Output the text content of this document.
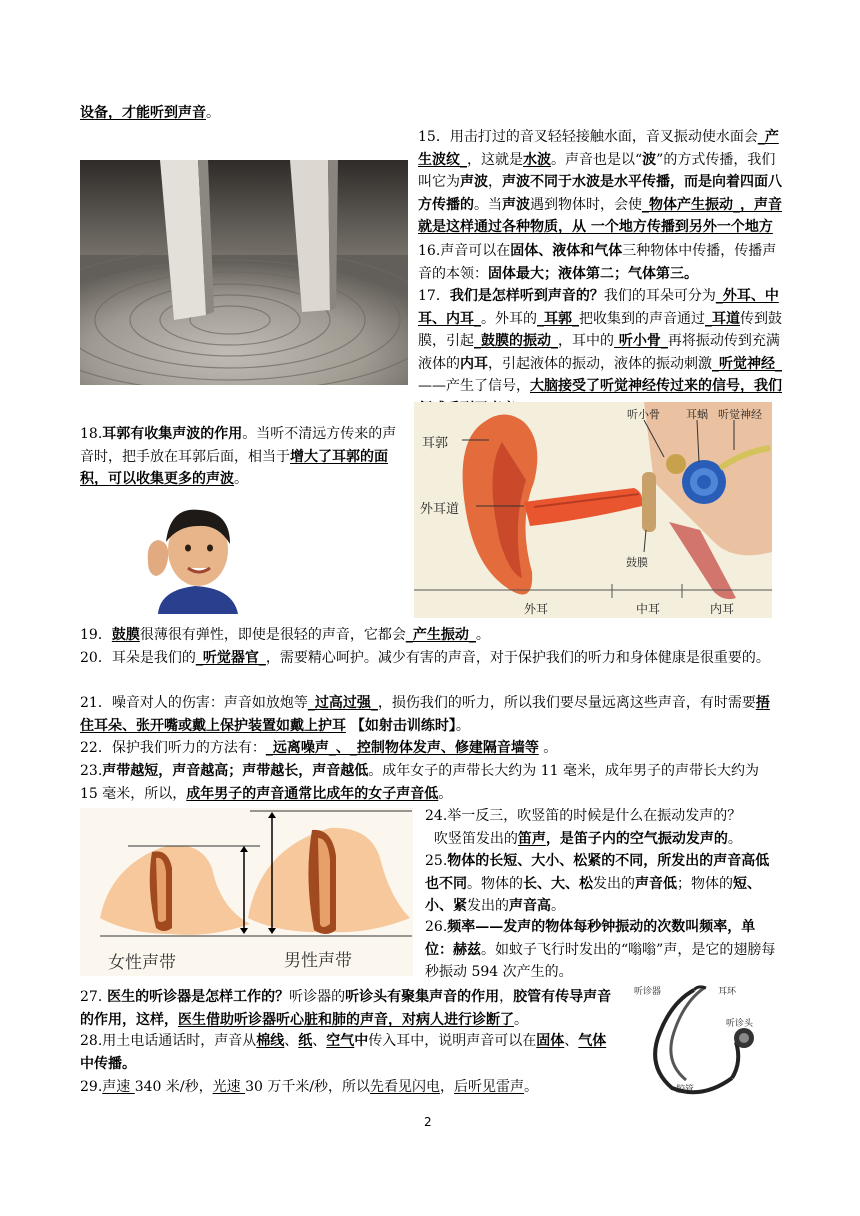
设备，才能听到声音。

15．用击打过的音叉轻轻接触水面，音叉振动使水面会_产生波纹_，这就是水波。声音也是以“波”的方式传播，我们叫它为声波，声波不同于水波是水平传播，而是向着四面八方传播的。当声波遇到物体时，会使_物体产生振动_，声音就是这样通过各种物质，从 一个地方传播到另外一个地方

16.声音可以在固体、液体和气体三种物体中传播，传播声音的本领：固体最大；液体第二；气体第三。

17．我们是怎样听到声音的？我们的耳朵可分为_外耳、中耳、内耳_。外耳的_耳郭_把收集到的声音通过_耳道传到鼓膜，引起_鼓膜的振动_，耳中的 听小骨_再将振动传到充满液体的内耳，引起液体的振动，液体的振动刺激_听觉神经_——产生了信号，大脑接受了听觉神经传过来的信号，我们

18.耳郭有收集声波的作用。当听不清远方传来的声音时，把手放在耳郭后面，相当于增大了耳郭的面积，可以收集更多的声波。

耳郭
外耳道
听小骨 耳蜗 听觉神经
鼓膜
外耳	中耳	内耳

19．鼓膜很薄很有弹性，即使是很轻的声音，它都会_产生振动_。

20．耳朵是我们的_听觉器官_，需要精心呵护。减少有害的声音，对于保护我们的听力和身体健康是很重要的。

21．噪音对人的伤害：声音如放炮等_过高过强_，损伤我们的听力，所以我们要尽量远离这些声音，有时需要捂住耳朵、张开嘴或戴上保护装置如戴上护耳 【如射击训练时】。

22．保护我们听力的方法有：_远离噪声_、_控制物体发声、修建隔音墙等 。

23.声带越短，声音越高；声带越长，声音越低。成年女子的声带长大约为 11 毫米，成年男子的声带长大约为 15 毫米，所以，成年男子的声音通常比成年的女子声音低。

女性声带	男性声带

24.举一反三，吹竖笛的时候是什么在振动发声的？
吹竖笛发出的笛声，是笛子内的空气振动发声的。

25.物体的长短、大小、松紧的不同，所发出的声音高低也不同。物体的长、大、松发出的声音低；物体的短、小、紧发出的声音高。

26.频率——发声的物体每秒钟振动的次数叫频率，单位：赫兹。如蚊子飞行时发出的“嗡嗡”声，是它的翅膀每秒振动 594 次产生的。

27. 医生的听诊器是怎样工作的？听诊器的听诊头有聚集声音的作用，胶管有传导声音的作用，这样，医生借助听诊器听心脏和肺的声音，对病人进行诊断了。

28.用土电话通话时，声音从棉线、纸、空气中传入耳中，说明声音可以在固体、气体中传播。

29.声速 340 米/秒，光速 30 万千米/秒，所以先看见闪电，后听见雷声。

听诊器	耳环
听诊头
胶管
2
